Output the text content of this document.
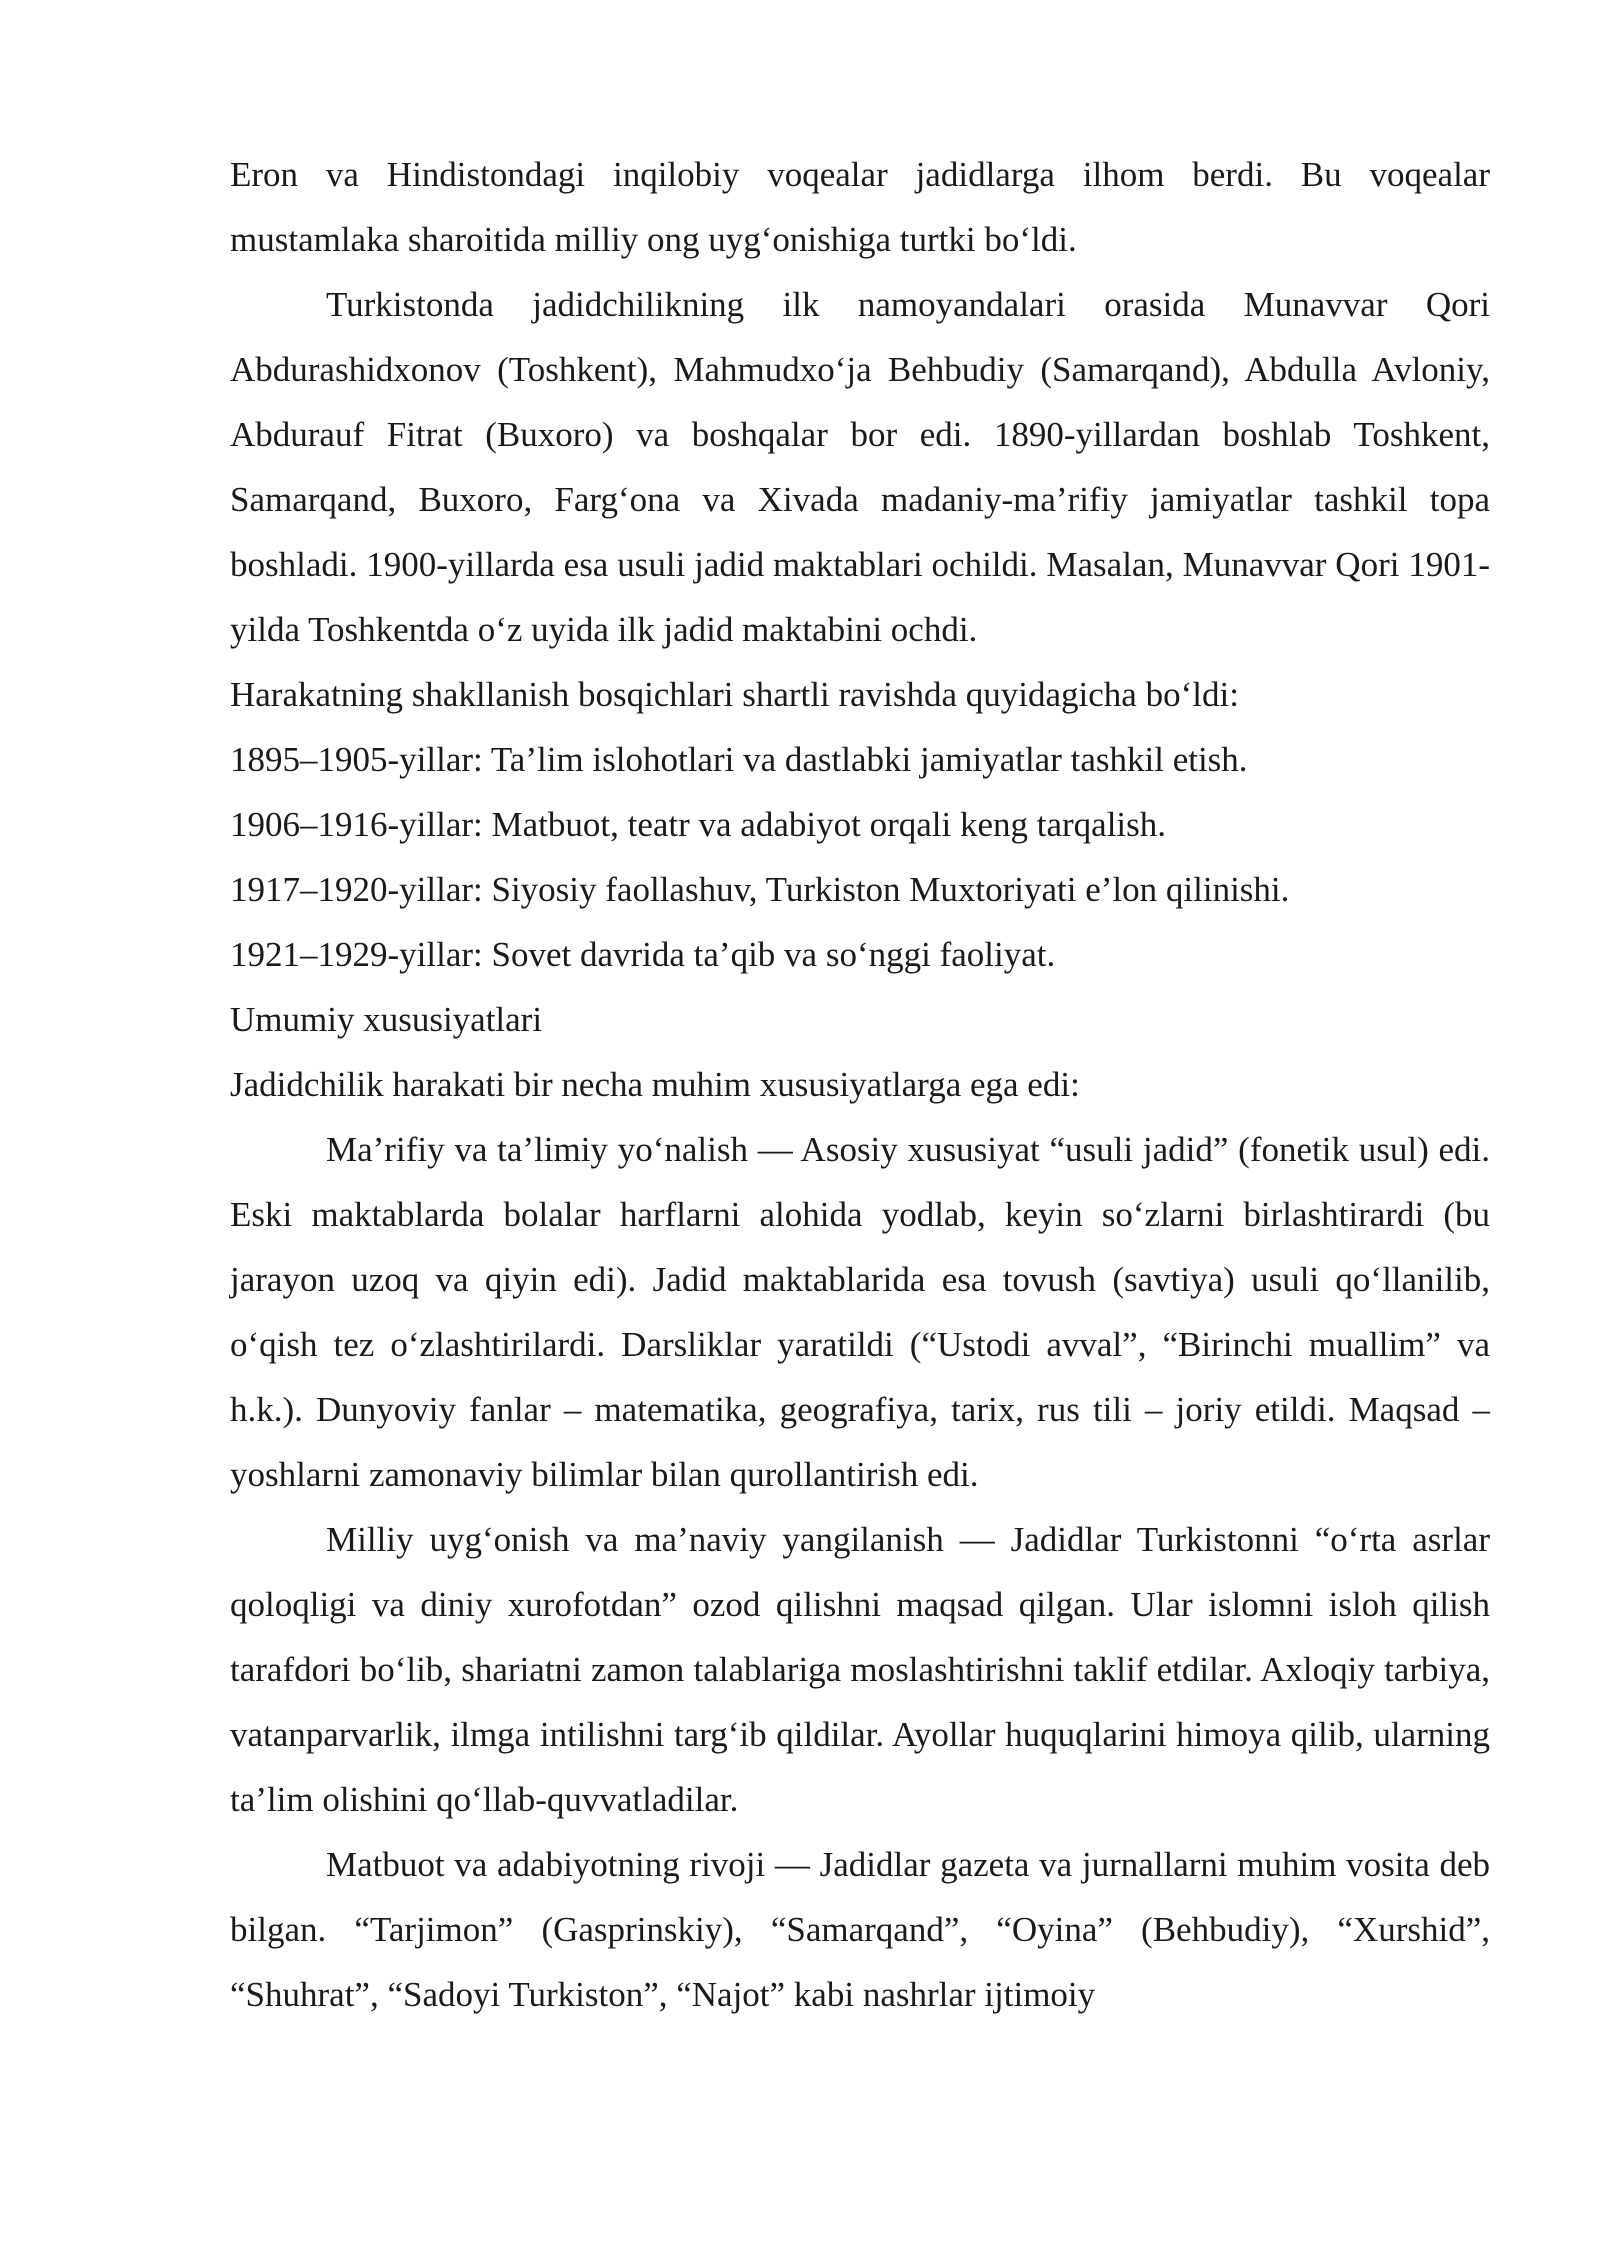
Eron va Hindistondagi inqilobiy voqealar jadidlarga ilhom berdi. Bu voqealar mustamlaka sharoitida milliy ong uyg‘onishiga turtki bo‘ldi.

Turkistonda jadidchilikning ilk namoyandalari orasida Munavvar Qori Abdurashidxonov (Toshkent), Mahmudxo‘ja Behbudiy (Samarqand), Abdulla Avloniy, Abdurauf Fitrat (Buxoro) va boshqalar bor edi. 1890-yillardan boshlab Toshkent, Samarqand, Buxoro, Farg‘ona va Xivada madaniy-ma’rifiy jamiyatlar tashkil topa boshladi. 1900-yillarda esa usuli jadid maktablari ochildi. Masalan, Munavvar Qori 1901-yilda Toshkentda o‘z uyida ilk jadid maktabini ochdi.

Harakatning shakllanish bosqichlari shartli ravishda quyidagicha bo‘ldi:

1895–1905-yillar: Ta’lim islohotlari va dastlabki jamiyatlar tashkil etish.

1906–1916-yillar: Matbuot, teatr va adabiyot orqali keng tarqalish.

1917–1920-yillar: Siyosiy faollashuv, Turkiston Muxtoriyati e’lon qilinishi.

1921–1929-yillar: Sovet davrida ta’qib va so‘nggi faoliyat.

Umumiy xususiyatlari

Jadidchilik harakati bir necha muhim xususiyatlarga ega edi:

Ma’rifiy va ta’limiy yo‘nalish — Asosiy xususiyat “usuli jadid” (fonetik usul) edi. Eski maktablarda bolalar harflarni alohida yodlab, keyin so‘zlarni birlashtirardi (bu jarayon uzoq va qiyin edi). Jadid maktablarida esa tovush (savtiya) usuli qo‘llanilib, o‘qish tez o‘zlashtirilardi. Darsliklar yaratildi (“Ustodi avval”, “Birinchi muallim” va h.k.). Dunyoviy fanlar – matematika, geografiya, tarix, rus tili – joriy etildi. Maqsad – yoshlarni zamonaviy bilimlar bilan qurollantirish edi.

Milliy uyg‘onish va ma’naviy yangilanish — Jadidlar Turkistonni “o‘rta asrlar qoloqligi va diniy xurofotdan” ozod qilishni maqsad qilgan. Ular islomni isloh qilish tarafdori bo‘lib, shariatni zamon talablariga moslashtirishni taklif etdilar. Axloqiy tarbiya, vatanparvarlik, ilmga intilishni targ‘ib qildilar. Ayollar huquqlarini himoya qilib, ularning ta’lim olishini qo‘llab-quvvatladilar.

Matbuot va adabiyotning rivoji — Jadidlar gazeta va jurnallarni muhim vosita deb bilgan. “Tarjimon” (Gasprinskiy), “Samarqand”, “Oyina” (Behbudiy), “Xurshid”, “Shuhrat”, “Sadoyi Turkiston”, “Najot” kabi nashrlar ijtimoiy
